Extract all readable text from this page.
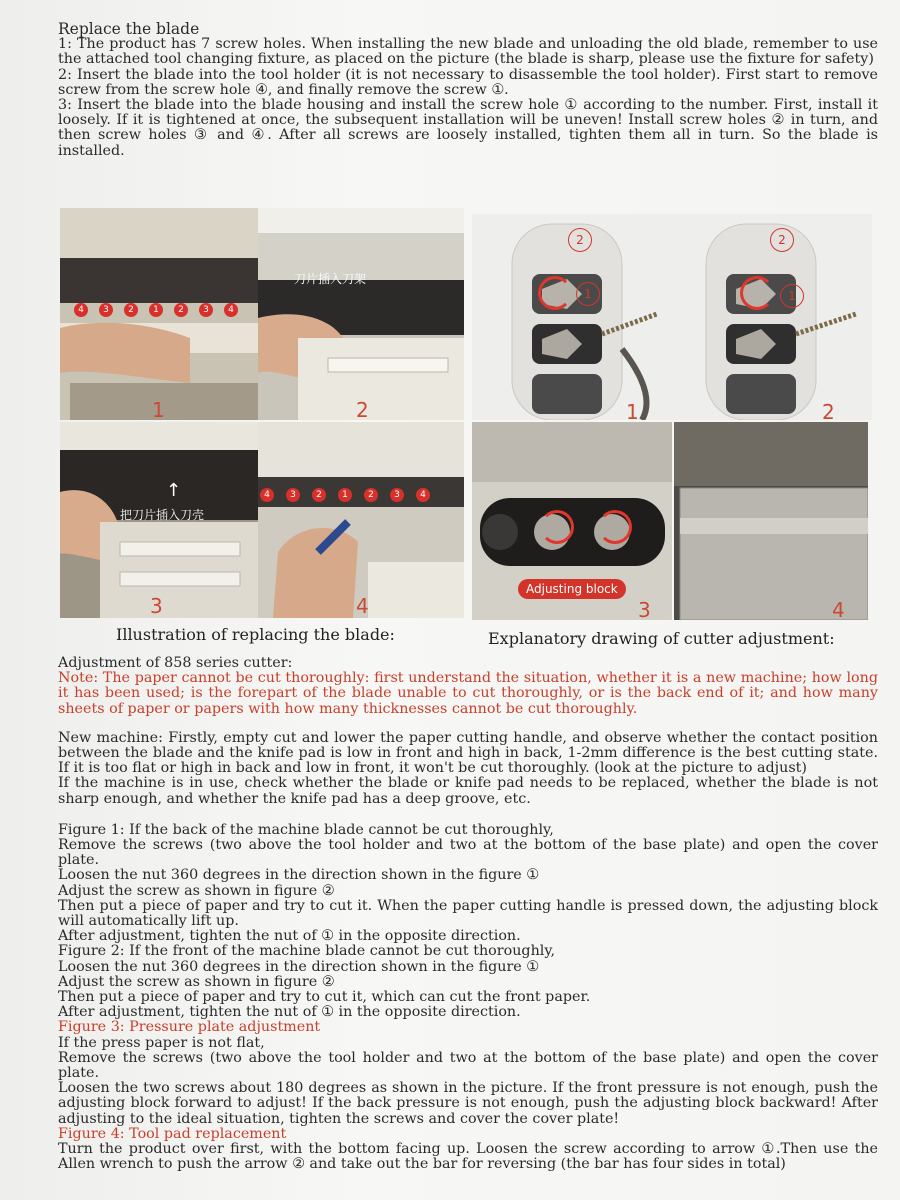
Replace the blade
1: The product has 7 screw holes. When installing the new blade and unloading the old blade, remember to use the attached tool changing fixture, as placed on the picture (the blade is sharp, please use the fixture for safety)
2: Insert the blade into the tool holder (it is not necessary to disassemble the tool holder). First start to remove screw from the screw hole ④, and finally remove the screw ①.
3: Insert the blade into the blade housing and install the screw hole ① according to the number. First, install it loosely. If it is tightened at once, the subsequent installation will be uneven! Install screw holes ② in turn, and then screw holes ③ and ④. After all screws are loosely installed, tighten them all in turn. So the blade is installed.
4 3 2 1 2 3 4
4 3 2 1 2 3 4
刀片插入刀架
↑
把刀片插入刀壳
1	2
3	4
Adjusting block
1	2
3	4
2
1
2
1
Illustration of replacing the blade:	Explanatory drawing of cutter adjustment:
Adjustment of 858 series cutter:
Note: The paper cannot be cut thoroughly: first understand the situation, whether it is a new machine; how long it has been used; is the forepart of the blade unable to cut thoroughly, or is the back end of it; and how many sheets of paper or papers with how many thicknesses cannot be cut thoroughly.
New machine: Firstly, empty cut and lower the paper cutting handle, and observe whether the contact position between the blade and the knife pad is low in front and high in back, 1-2mm difference is the best cutting state. If it is too flat or high in back and low in front, it won't be cut thoroughly. (look at the picture to adjust)
If the machine is in use, check whether the blade or knife pad needs to be replaced, whether the blade is not sharp enough, and whether the knife pad has a deep groove, etc.
Figure 1: If the back of the machine blade cannot be cut thoroughly,
Remove the screws (two above the tool holder and two at the bottom of the base plate) and open the cover plate.
Loosen the nut 360 degrees in the direction shown in the figure ①
Adjust the screw as shown in figure ②
Then put a piece of paper and try to cut it. When the paper cutting handle is pressed down, the adjusting block will automatically lift up.
After adjustment, tighten the nut of ① in the opposite direction.
Figure 2: If the front of the machine blade cannot be cut thoroughly,
Loosen the nut 360 degrees in the direction shown in the figure ①
Adjust the screw as shown in figure ②
Then put a piece of paper and try to cut it, which can cut the front paper.
After adjustment, tighten the nut of ① in the opposite direction.
Figure 3: Pressure plate adjustment
If the press paper is not flat,
Remove the screws (two above the tool holder and two at the bottom of the base plate) and open the cover plate.
Loosen the two screws about 180 degrees as shown in the picture. If the front pressure is not enough, push the adjusting block forward to adjust! If the back pressure is not enough, push the adjusting block backward! After adjusting to the ideal situation, tighten the screws and cover the cover plate!
Figure 4: Tool pad replacement
Turn the product over first, with the bottom facing up. Loosen the screw according to arrow ①.Then use the Allen wrench to push the arrow ② and take out the bar for reversing (the bar has four sides in total)
